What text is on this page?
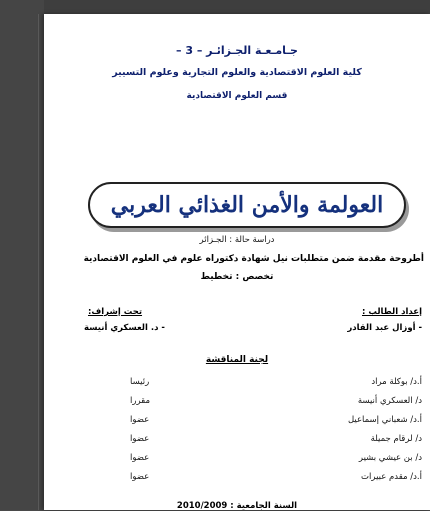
جـامـعـة الجـزائـر – 3 –
كلية العلوم الاقتصادية والعلوم التجارية وعلوم التسيير
قسم العلوم الاقتصادية
العولمة والأمن الغذائي العربي
دراسة حالة : الجـزائر
أطروحة مقدمة ضمن متطلبات نيل شهادة دكتوراه علوم في العلوم الاقتصادية
تخصص : تخطيط
إعداد الطالب :
تحت إشراف:
- أوزال عبد القادر
- د. العسكري أنيسة
لجنة المناقشة
أ.د/ بوكلة مراد
رئيسا
د/ العسكري أنيسة
مقررا
أ.د/ شعباني إسماعيل
عضوا
د/ لرقام جميلة
عضوا
د/ بن عيشي بشير
عضوا
أ.د/ مقدم عبيرات
عضوا
السنة الجامعية : 2010/2009
